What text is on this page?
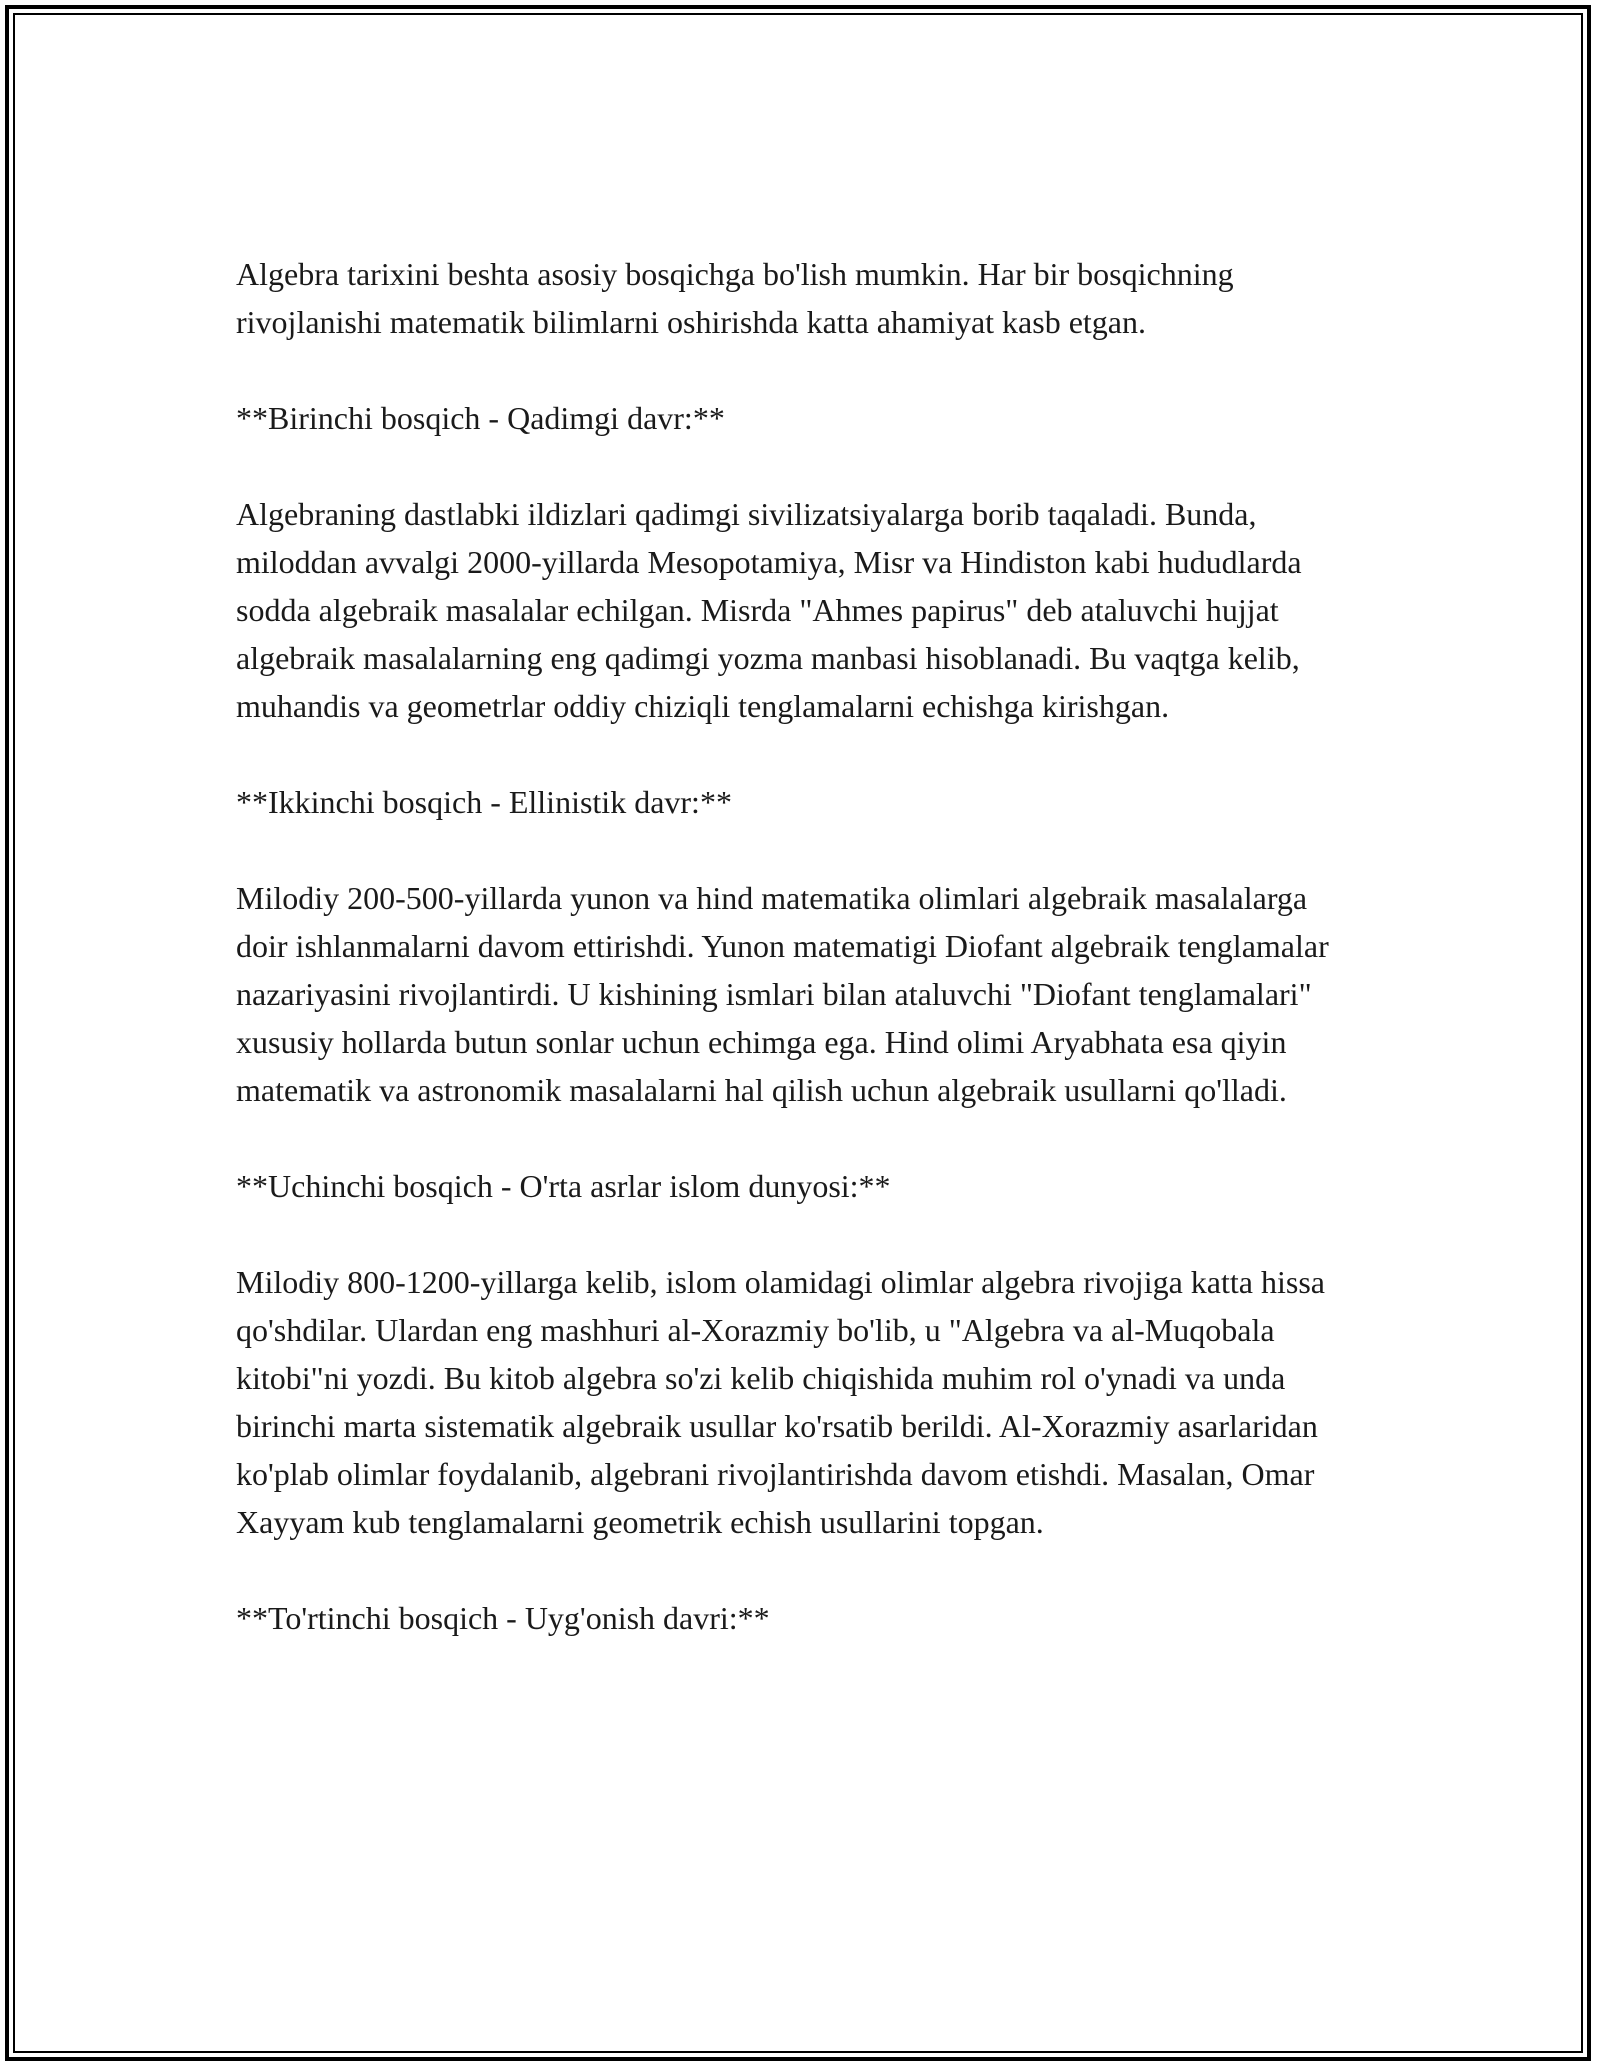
Algebra tarixini beshta asosiy bosqichga bo'lish mumkin. Har bir bosqichning rivojlanishi matematik bilimlarni oshirishda katta ahamiyat kasb etgan.

**Birinchi bosqich - Qadimgi davr:**

Algebraning dastlabki ildizlari qadimgi sivilizatsiyalarga borib taqaladi. Bunda, miloddan avvalgi 2000-yillarda Mesopotamiya, Misr va Hindiston kabi hududlarda sodda algebraik masalalar echilgan. Misrda "Ahmes papirus" deb ataluvchi hujjat algebraik masalalarning eng qadimgi yozma manbasi hisoblanadi. Bu vaqtga kelib, muhandis va geometrlar oddiy chiziqli tenglamalarni echishga kirishgan.

**Ikkinchi bosqich - Ellinistik davr:**

Milodiy 200-500-yillarda yunon va hind matematika olimlari algebraik masalalarga doir ishlanmalarni davom ettirishdi. Yunon matematigi Diofant algebraik tenglamalar nazariyasini rivojlantirdi. U kishining ismlari bilan ataluvchi "Diofant tenglamalari" xususiy hollarda butun sonlar uchun echimga ega. Hind olimi Aryabhata esa qiyin matematik va astronomik masalalarni hal qilish uchun algebraik usullarni qo'lladi.

**Uchinchi bosqich - O'rta asrlar islom dunyosi:**

Milodiy 800-1200-yillarga kelib, islom olamidagi olimlar algebra rivojiga katta hissa qo'shdilar. Ulardan eng mashhuri al-Xorazmiy bo'lib, u "Algebra va al-Muqobala kitobi"ni yozdi. Bu kitob algebra so'zi kelib chiqishida muhim rol o'ynadi va unda birinchi marta sistematik algebraik usullar ko'rsatib berildi. Al-Xorazmiy asarlaridan ko'plab olimlar foydalanib, algebrani rivojlantirishda davom etishdi. Masalan, Omar Xayyam kub tenglamalarni geometrik echish usullarini topgan.

**To'rtinchi bosqich - Uyg'onish davri:**
